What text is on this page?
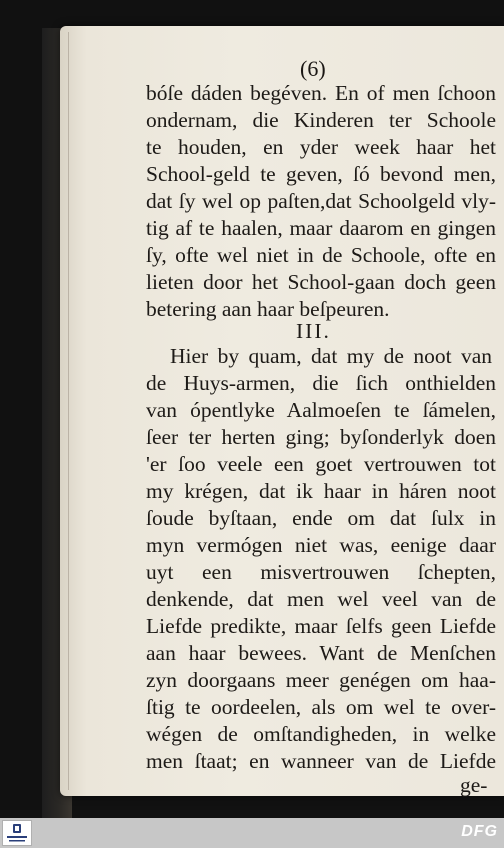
(6)
bóſe dáden begéven. En of men ſchoon
ondernam, die Kinderen ter Schoole
te houden, en yder week haar het
School-geld te geven, ſó bevond men,
dat ſy wel op paſten,dat Schoolgeld vly-
tig af te haalen, maar daarom en gingen
ſy, ofte wel niet in de Schoole, ofte en
lieten door het School-gaan doch geen
betering aan haar beſpeuren.
III.
Hier by quam, dat my de noot van
de Huys-armen, die ſich onthielden
van ópentlyke Aalmoeſen te ſámelen,
ſeer ter herten ging; byſonderlyk doen
'er ſoo veele een goet vertrouwen tot
my krégen, dat ik haar in háren noot
ſoude byſtaan, ende om dat ſulx in
myn vermógen niet was, eenige daar
uyt een misvertrouwen ſchepten,
denkende, dat men wel veel van de
Liefde predikte, maar ſelfs geen Liefde
aan haar bewees. Want de Menſchen
zyn doorgaans meer genégen om haa-
ſtig te oordeelen, als om wel te over-
wégen de omſtandigheden, in welke
men ſtaat; en wanneer van de Liefde
ge-
DFG
